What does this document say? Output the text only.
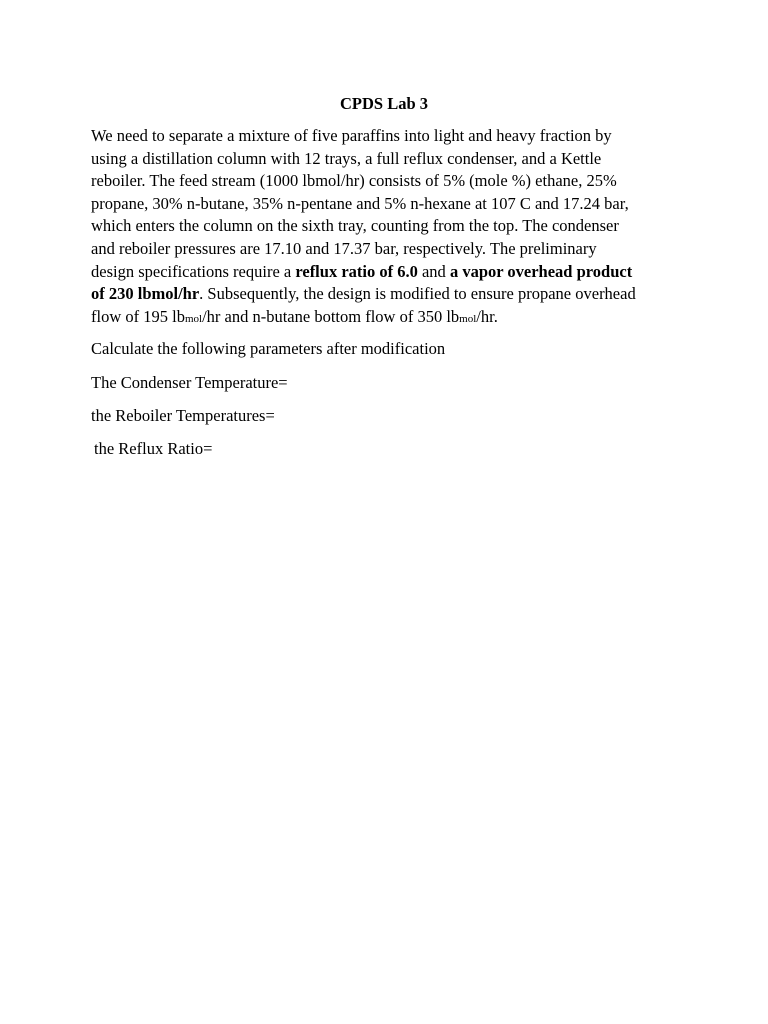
CPDS Lab 3

We need to separate a mixture of five paraffins into light and heavy fraction by
using a distillation column with 12 trays, a full reflux condenser, and a Kettle
reboiler. The feed stream (1000 lbmol/hr) consists of 5% (mole %) ethane, 25%
propane, 30% n-butane, 35% n-pentane and 5% n-hexane at 107 C and 17.24 bar,
which enters the column on the sixth tray, counting from the top. The condenser
and reboiler pressures are 17.10 and 17.37 bar, respectively. The preliminary
design specifications require a reflux ratio of 6.0 and a vapor overhead product
of 230 lbmol/hr. Subsequently, the design is modified to ensure propane overhead
flow of 195 lbmol/hr and n-butane bottom flow of 350 lbmol/hr.

Calculate the following parameters after modification

The Condenser Temperature=

the Reboiler Temperatures=

the Reflux Ratio=
